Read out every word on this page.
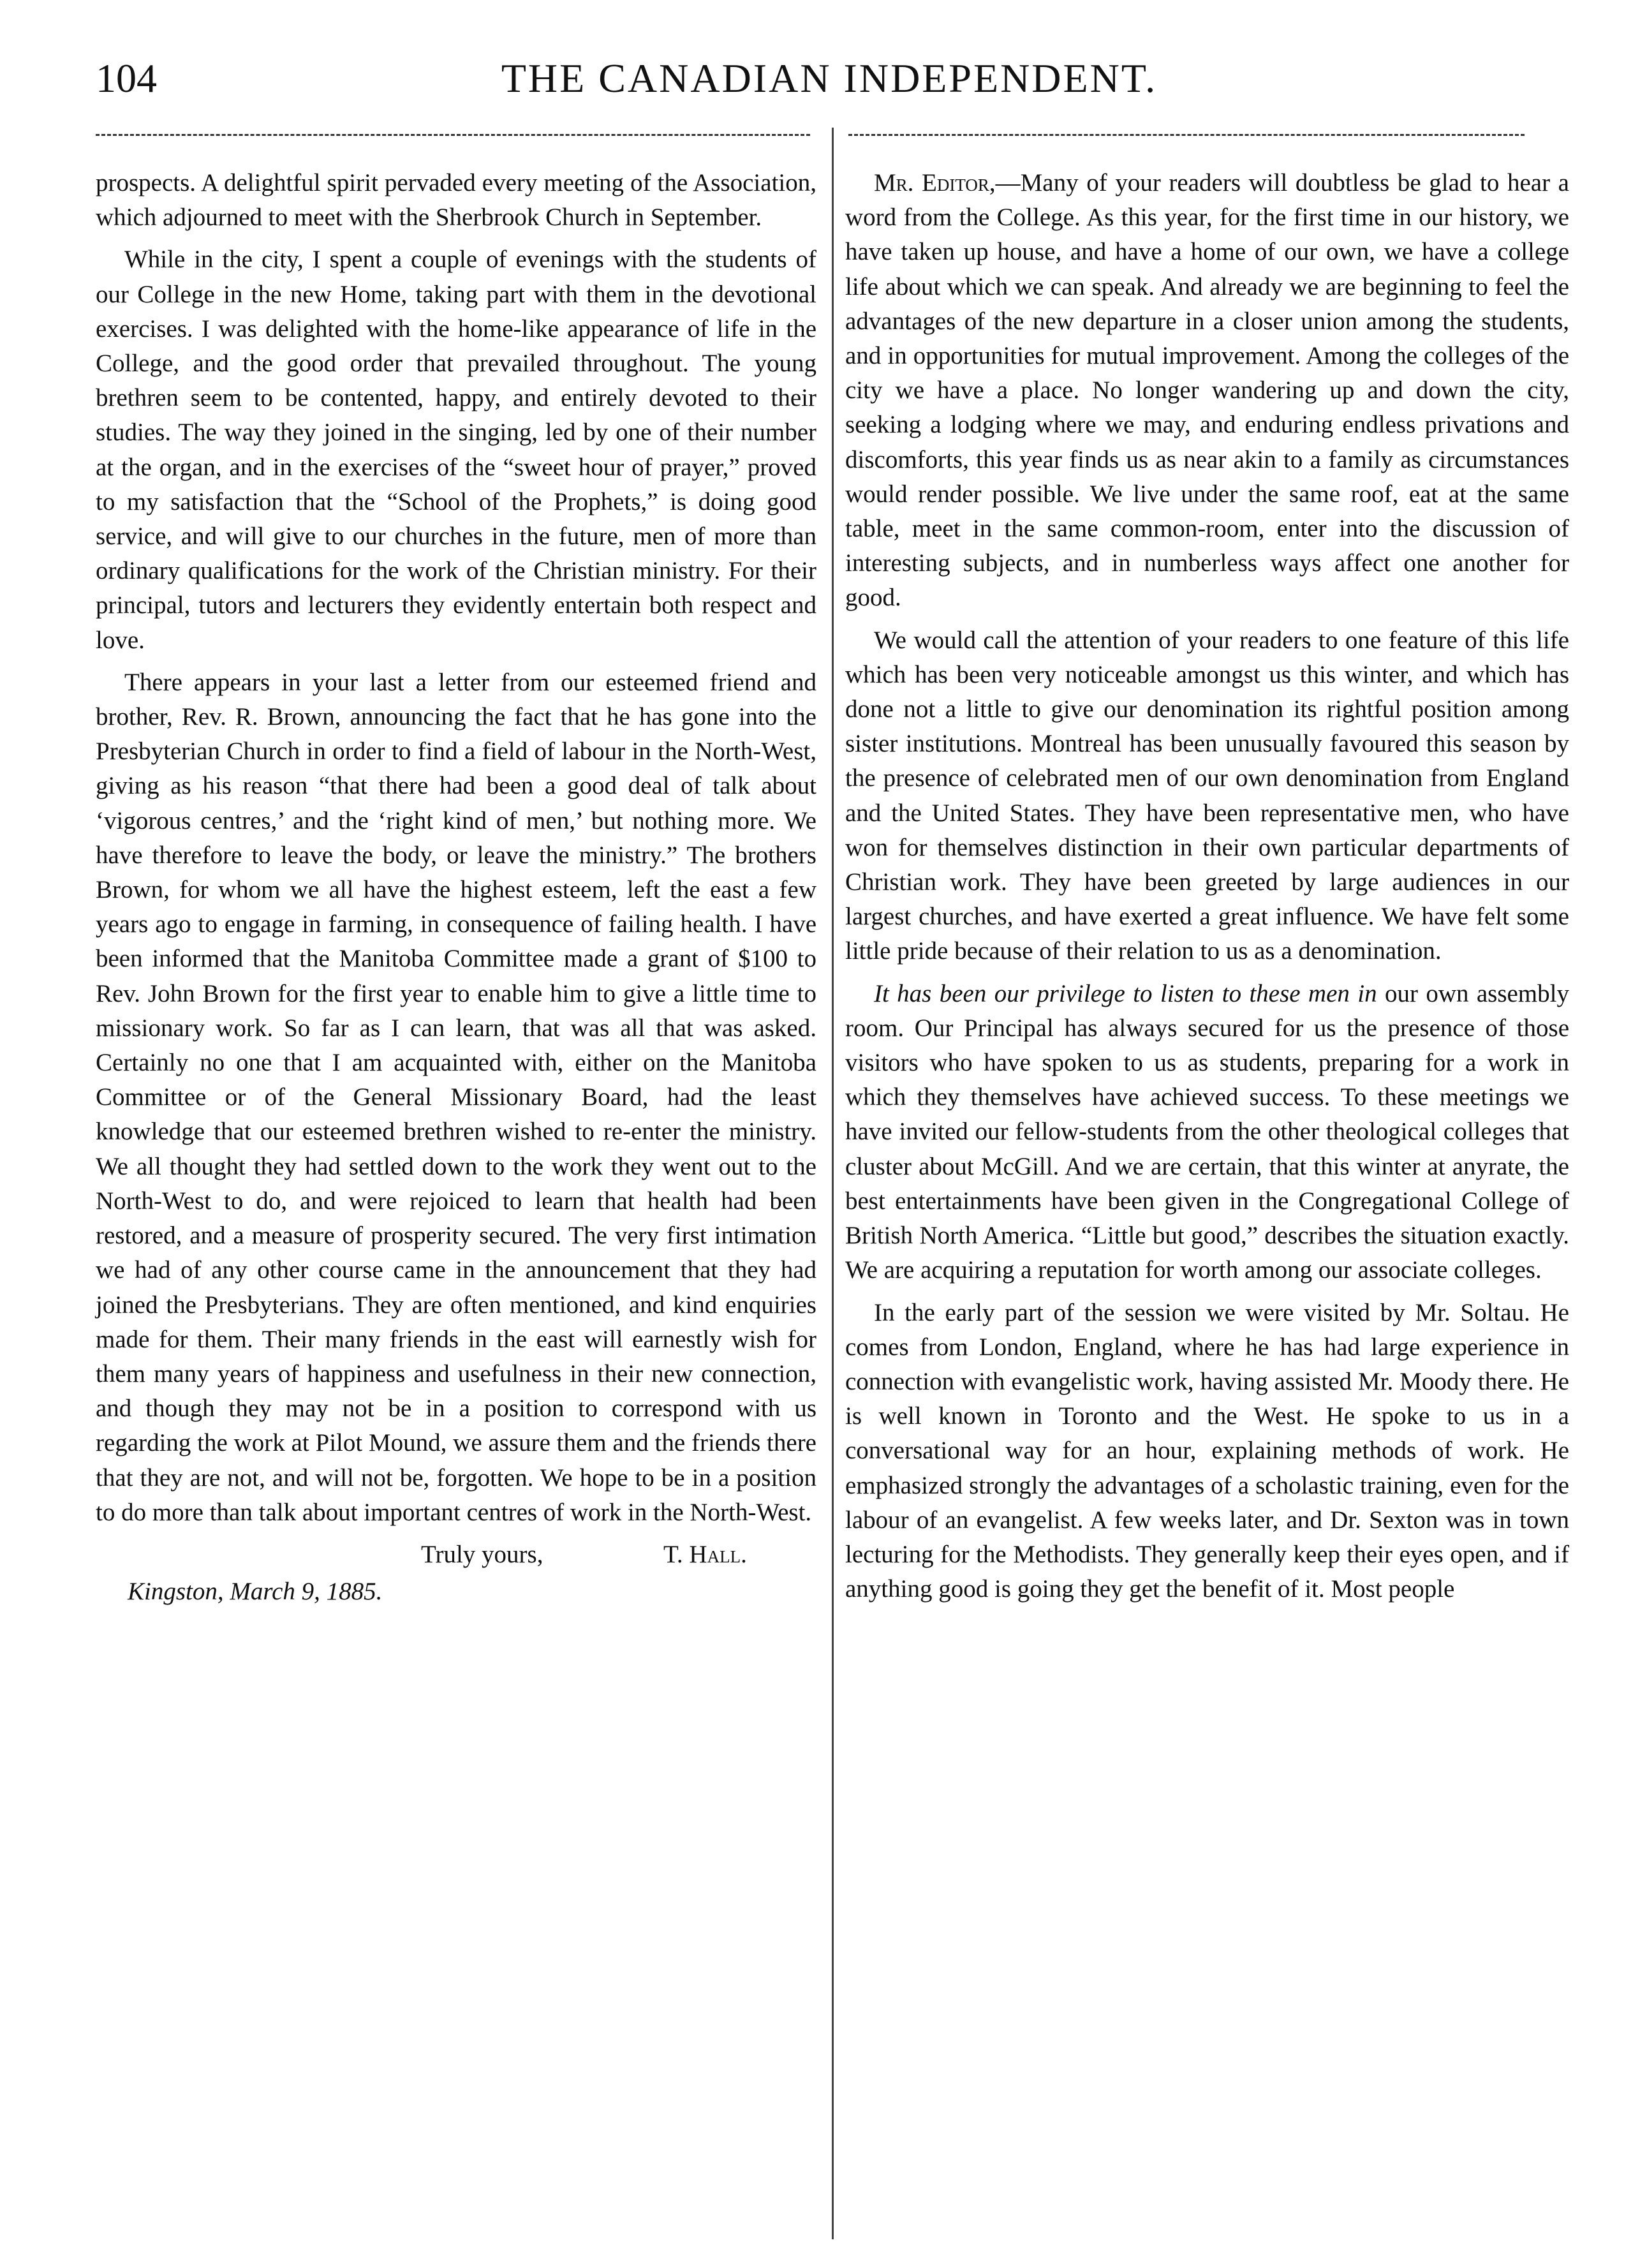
104	THE CANADIAN INDEPENDENT.

prospects. A delightful spirit pervaded every meeting of the Association, which adjourned to meet with the Sherbrook Church in September.

While in the city, I spent a couple of evenings with the students of our College in the new Home, taking part with them in the devotional exercises. I was delighted with the home-like appearance of life in the College, and the good order that prevailed throughout. The young brethren seem to be contented, happy, and entirely devoted to their studies. The way they joined in the singing, led by one of their number at the organ, and in the exercises of the “sweet hour of prayer,” proved to my satisfaction that the “School of the Prophets,” is doing good service, and will give to our churches in the future, men of more than ordinary qualifications for the work of the Christian ministry. For their principal, tutors and lecturers they evidently entertain both respect and love.

There appears in your last a letter from our esteemed friend and brother, Rev. R. Brown, announcing the fact that he has gone into the Presbyterian Church in order to find a field of labour in the North-West, giving as his reason “that there had been a good deal of talk about ‘vigorous centres,’ and the ‘right kind of men,’ but nothing more. We have therefore to leave the body, or leave the ministry.” The brothers Brown, for whom we all have the highest esteem, left the east a few years ago to engage in farming, in consequence of failing health. I have been informed that the Manitoba Committee made a grant of $100 to Rev. John Brown for the first year to enable him to give a little time to missionary work. So far as I can learn, that was all that was asked. Certainly no one that I am acquainted with, either on the Manitoba Committee or of the General Missionary Board, had the least knowledge that our esteemed brethren wished to re-enter the ministry. We all thought they had settled down to the work they went out to the North-West to do, and were rejoiced to learn that health had been restored, and a measure of prosperity secured. The very first intimation we had of any other course came in the announcement that they had joined the Presbyterians. They are often mentioned, and kind enquiries made for them. Their many friends in the east will earnestly wish for them many years of happiness and usefulness in their new connection, and though they may not be in a position to correspond with us regarding the work at Pilot Mound, we assure them and the friends there that they are not, and will not be, forgotten. We hope to be in a position to do more than talk about important centres of work in the North-West.

Truly yours,	T. Hall.
Kingston, March 9, 1885.

Mr. Editor,—Many of your readers will doubtless be glad to hear a word from the College. As this year, for the first time in our history, we have taken up house, and have a home of our own, we have a college life about which we can speak. And already we are beginning to feel the advantages of the new departure in a closer union among the students, and in opportunities for mutual improvement. Among the colleges of the city we have a place. No longer wandering up and down the city, seeking a lodging where we may, and enduring endless privations and discomforts, this year finds us as near akin to a family as circumstances would render possible. We live under the same roof, eat at the same table, meet in the same common-room, enter into the discussion of interesting subjects, and in numberless ways affect one another for good.

We would call the attention of your readers to one feature of this life which has been very noticeable amongst us this winter, and which has done not a little to give our denomination its rightful position among sister institutions. Montreal has been unusually favoured this season by the presence of celebrated men of our own denomination from England and the United States. They have been representative men, who have won for themselves distinction in their own particular departments of Christian work. They have been greeted by large audiences in our largest churches, and have exerted a great influence. We have felt some little pride because of their relation to us as a denomination.

It has been our privilege to listen to these men in our own assembly room. Our Principal has always secured for us the presence of those visitors who have spoken to us as students, preparing for a work in which they themselves have achieved success. To these meetings we have invited our fellow-students from the other theological colleges that cluster about McGill. And we are certain, that this winter at anyrate, the best entertainments have been given in the Congregational College of British North America. “Little but good,” describes the situation exactly. We are acquiring a reputation for worth among our associate colleges.

In the early part of the session we were visited by Mr. Soltau. He comes from London, England, where he has had large experience in connection with evangelistic work, having assisted Mr. Moody there. He is well known in Toronto and the West. He spoke to us in a conversational way for an hour, explaining methods of work. He emphasized strongly the advantages of a scholastic training, even for the labour of an evangelist. A few weeks later, and Dr. Sexton was in town lecturing for the Methodists. They generally keep their eyes open, and if anything good is going they get the benefit of it. Most people
